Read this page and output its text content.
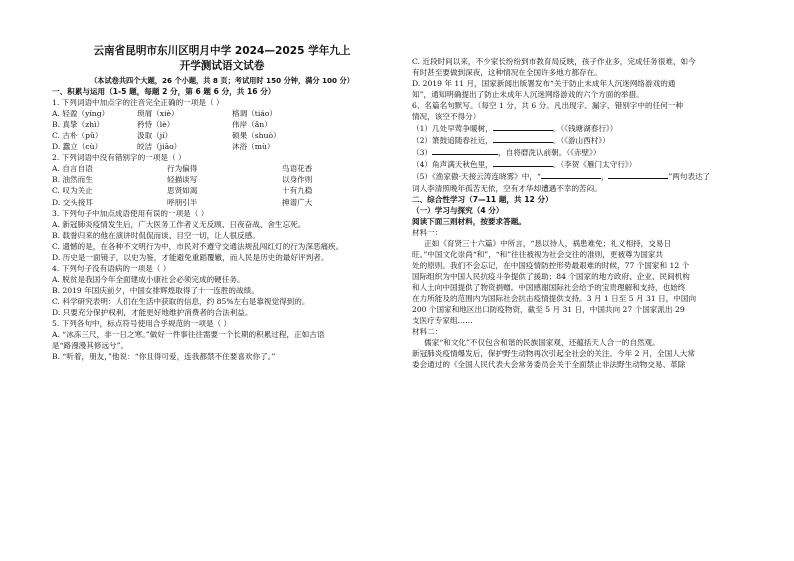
云南省昆明市东川区明月中学 2024—2025 学年九上
开学测试语文试卷
（本试卷共四个大题，26 个小题，共 8 页；考试用时 150 分钟，满分 100 分）
一、积累与运用（1-5 题，每题 2 分，第 6 题 6 分，共 16 分）
1. 下列词语中加点字的注音完全正确的一项是（ ）
A. 轻盈（yíng）	琐屑（xiè）	格调（tiáo）
B. 真挚（zhì）	矜恃（lè）	伟岸（ǎn）
C. 古朴（pǔ）	汲取（jí）	硕果（shuò）
D. 蠢立（cù）	皎洁（jiāo）	沐浴（mù）
2. 下列词语中没有错别字的一项是（ ）
A. 自言自语	行为偏得	鸟语花香
B. 油然而生	轻描谈写	以身作则
C. 叹为关止	思贤如渴	十有九稳
D. 交头接耳	呼朋引半	抻谱广大
3. 下列句子中加点成语使用有误的一项是（ ）
A. 新冠肺炎疫情发生后，广大医务工作者义无反顾、日夜奋战、舍生忘死。
B. 载誉归来的他在演讲时侃侃而谈、目空一切，让人很反感。
C. 遗憾的是，在各种不文明行为中，市民对不遵守交通法规乱闯红灯的行为深恶痛疾。
D. 历史是一面镜子，以史为鉴，才能避免重蹈覆辙，而人民是历史的最好评判者。
4. 下列句子没有语病的一项是（ ）
A. 脱贫是我国今年全面建成小康社会必须完成的硬任务。
B. 2019 年国庆前夕，中国女排辉煌取得了十一连胜的战绩。
C. 科学研究表明：人们在生活中获取的信息，约 85%左右是靠视觉得到的。
D. 只要充分保护权利，才能更好地维护消费者的合法利益。
5. 下列各句中，标点符号使用合乎规范的一项是（ ）
A. “冰冻三尺，非一日之寒。”做好一件事往往需要一个长期的积累过程，正如古语
是“路漫漫其修远兮”。
B. “听着，朋友，”他说：“你且得可爱，连我都禁不住要喜欢你了。”
C. 近段时间以来，不少家长纷纷到市教育局反映，孩子作业多，完成任务很难，如今
有时甚至要做到深夜，这种情况在全国许多地方都存在。
D. 2019 年 11 月，国家新闻出版署发布“关于防止未成年人沉迷网络游戏的通
知”，通知明确提出了防止未成年人沉迷网络游戏的六个方面的举措。
6、名篇名句默写。（每空 1 分，共 6 分。凡出现字、漏字、错别字中的任何一种
情况，该空不得分）
（1）几处早莺争暖树，	。（《钱塘湖春行》）
（2）箫鼓追随春社近，	。（《游山西村》）
（3）	，自将磨洗认前朝。（《赤壁》）
（4）角声满天秋色里，	。（李贺《雁门太守行》）
（5）《渔家傲·天接云涛连晓雾》中，“	，	”两句表达了
词人李清照晚年孤苦无依，空有才华却遭遇不幸的苦闷。
二、综合性学习（7—11 题，共 12 分）
（一）学习与探究（4 分）
阅读下面三则材料，按要求答题。
材料一：
正如《育贤三十六篇》中所言，“恳以待人，祸患难免；礼义相持，交易日
旺。”中国文化崇尚“和”，“和”往往被视为社会交往的准则，更被尊为国家共
处的原则。我们不会忘记，在中国疫情防控形势最艰难的时候，77 个国家和 12 个
国际组织为中国人民抗疫斗争提供了援助；84 个国家的地方政府、企业、民间机构
和人士向中国提供了物资捐赠。中国感谢国际社会给予的宝贵理解和支持，也始终
在力所能及的范围内为国际社会抗击疫情提供支持。3 月 1 日至 5 月 31 日，中国向
200 个国家和地区出口防疫物资，截至 5 月 31 日，中国共向 27 个国家派出 29
支医疗专家组……
材料二：
儒家“和文化”不仅包含和谐的民族国家观，还蕴括天人合一的自然观。
新冠肺炎疫情爆发后，保护野生动物再次引起全社会的关注。今年 2 月，全国人大常
委会通过的《全国人民代表大会常务委员会关于全面禁止非法野生动物交易、革除
